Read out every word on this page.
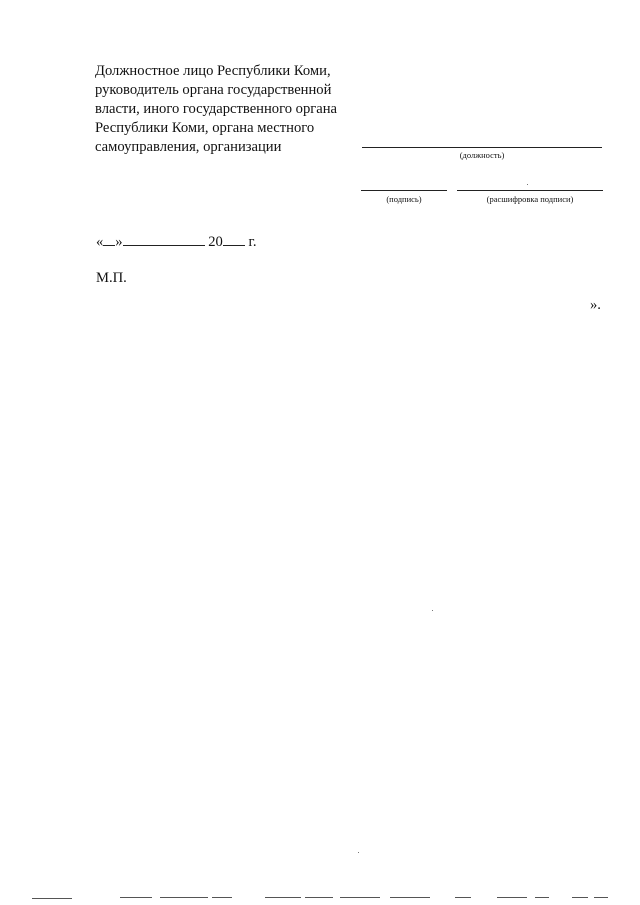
Должностное лицо Республики Коми,
руководитель органа государственной
власти, иного государственного органа
Республики Коми, органа местного
самоуправления, организации	(должность)
(подпись)	(расшифровка подписи)
« »	20 г.
М.П.
».
